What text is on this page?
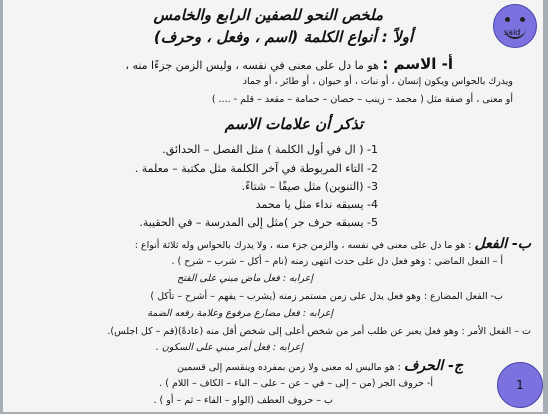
ملخص النحو للصفين الرابع والخامس
أولاً : أنواع الكلمة (اسم ، وفعل ، وحرف)
أ- الاسم : هو ما دل على معنى في نفسه ، وليس الزمن جزءًا منه ،
ويدرك بالحواس ويكون إنسان ، أو نبات ، أو حيوان ، أو طائر ، أو جماد
أو معنى ، أو صفة مثل ( محمد – زينب – حصان – حمامة – مقعد – قلم - .... )
تذكر أن علامات الاسم
1- ( ال في أول الكلمة ) مثل الفصل – الحدائق.
2- التاء المربوطة في آخر الكلمة مثل مكتبة – معلمة .
3- (التنوين) مثل صيفًا – شتاءً.
4- يسبقه نداء مثل يا محمد
5- يسبقه حرف جر )مثل إلى المدرسة – في الحقيبة.
ب- الفعل : هو ما دل على معنى في نفسه ، والزمن جزء منه ، ولا يدرك بالحواس وله ثلاثة أنواع :
أ – الفعل الماضي : وهو فعل دل على حدث انتهى زمنه (نام – أكل – شرب – شرح ) .
إعرابه : فعل ماض مبني على الفتح
ب- الفعل المضارع : وهو فعل يدل على زمن مستمر زمنه (يشرب – يفهم – أشرح – تأكل )
إعرابه : فعل مضارع مرفوع وعلامة رفعه الضمة
ت – الفعل الأمر : وهو فعل يعبر عن طلب أمر من شخص أعلى إلى شخص أقل منه (عادةً)(قم – كل اجلس).
إعرابه : فعل أمر مبني على السكون .
ج- الحرف : هو ماليس له معنى ولا زمن بمفرده وينقسم إلى قسمين
أ- حروف الجر (من – إلى – في – عن – على – الباء – الكاف – اللام ) .
ب – حروف العطف (الواو – الفاء – ثم – أو ) .
said
1
